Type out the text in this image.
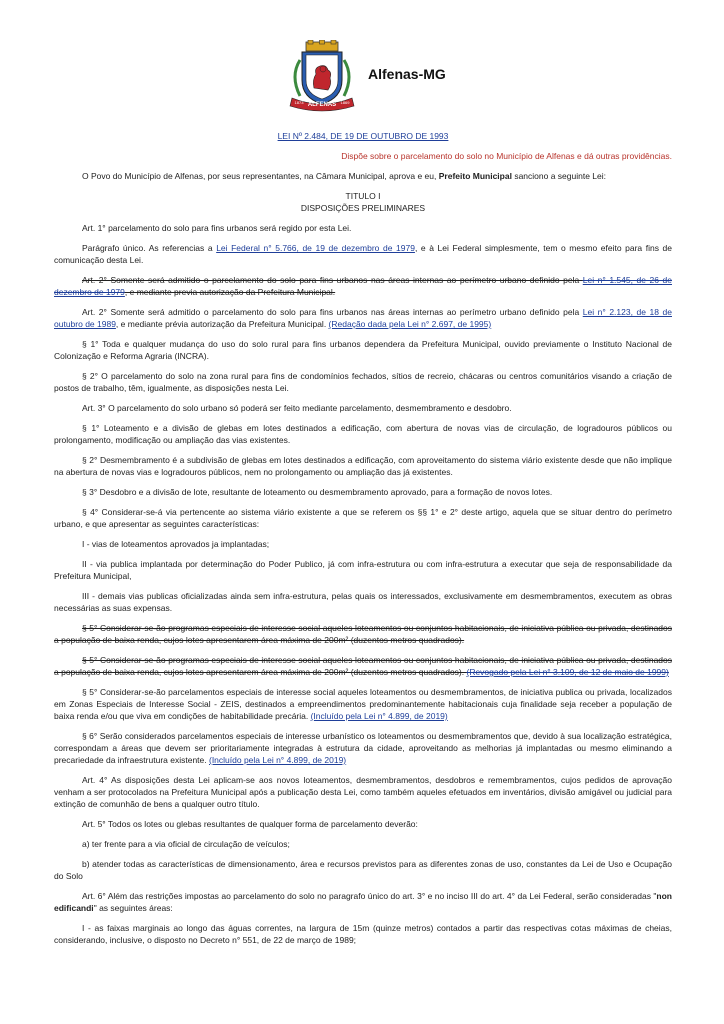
ALFENAS
1873	1869
Alfenas-MG

LEI Nº 2.484, DE 19 DE OUTUBRO DE 1993

Dispõe sobre o parcelamento do solo no Município de Alfenas e dá outras providências.

O Povo do Município de Alfenas, por seus representantes, na Câmara Municipal, aprova e eu, Prefeito Municipal sanciono a seguinte Lei:

TITULO I
DISPOSIÇÕES PRELIMINARES

Art. 1° parcelamento do solo para fins urbanos será regido por esta Lei.

Parágrafo único. As referencias a Lei Federal n° 5.766, de 19 de dezembro de 1979, e à Lei Federal simplesmente, tem o mesmo efeito para fins de comunicação desta Lei.

Art. 2° Somente será admitido o parcelamento do solo para fins urbanos nas áreas internas ao perímetro urbano definido pela Lei n° 1.545, de 26 de dezembro de 1979, e mediante previa autorização da Prefeitura Municipal.

Art. 2° Somente será admitido o parcelamento do solo para fins urbanos nas áreas internas ao perímetro urbano definido pela Lei n° 2.123, de 18 de outubro de 1989, e mediante prévia autorização da Prefeitura Municipal. (Redação dada pela Lei n° 2.697, de 1995)

§ 1° Toda e qualquer mudança do uso do solo rural para fins urbanos dependera da Prefeitura Municipal, ouvido previamente o Instituto Nacional de Colonização e Reforma Agraria (INCRA).

§ 2° O parcelamento do solo na zona rural para fins de condomínios fechados, sítios de recreio, chácaras ou centros comunitários visando a criação de postos de trabalho, têm, igualmente, as disposições nesta Lei.

Art. 3° O parcelamento do solo urbano só poderá ser feito mediante parcelamento, desmembramento e desdobro.

§ 1° Loteamento e a divisão de glebas em lotes destinados a edificação, com abertura de novas vias de circulação, de logradouros públicos ou prolongamento, modificação ou ampliação das vias existentes.

§ 2° Desmembramento é a subdivisão de glebas em lotes destinados a edificação, com aproveitamento do sistema viário existente desde que não implique na abertura de novas vias e logradouros públicos, nem no prolongamento ou ampliação das já existentes.

§ 3° Desdobro e a divisão de lote, resultante de loteamento ou desmembramento aprovado, para a formação de novos lotes.

§ 4° Considerar-se-á via pertencente ao sistema viário existente a que se referem os §§ 1° e 2° deste artigo, aquela que se situar dentro do perímetro urbano, e que apresentar as seguintes características:

I - vias de loteamentos aprovados ja implantadas;

II - via publica implantada por determinação do Poder Publico, já com infra-estrutura ou com infra-estrutura a executar que seja de responsabilidade da Prefeitura Municipal,

III - demais vias publicas oficializadas ainda sem infra-estrutura, pelas quais os interessados, exclusivamente em desmembramentos, executem as obras necessárias as suas expensas.

§ 5° Considerar-se-ão programas especiais de interesse social aqueles loteamentos ou conjuntos habitacionais, de iniciativa pública ou privada, destinados a população de baixa renda, cujos lotes apresentarem área máxima de 200m² (duzentos metros quadrados).

§ 5° Considerar-se-ão programas especiais de interesse social aqueles loteamentos ou conjuntos habitacionais, de iniciativa pública ou privada, destinados a população de baixa renda, cujos lotes apresentarem área máxima de 200m² (duzentos metros quadrados). (Revogado pela Lei n° 3.109, de 12 de maio de 1999)

§ 5° Considerar-se-ão parcelamentos especiais de interesse social aqueles loteamentos ou desmembramentos, de iniciativa publica ou privada, localizados em Zonas Especiais de Interesse Social - ZEIS, destinados a empreendimentos predominantemente habitacionais cuja finalidade seja receber a população de baixa renda e/ou que viva em condições de habitabilidade precária. (Incluído pela Lei n° 4.899, de 2019)

§ 6° Serão considerados parcelamentos especiais de interesse urbanístico os loteamentos ou desmembramentos que, devido à sua localização estratégica, correspondam a áreas que devem ser prioritariamente integradas à estrutura da cidade, aproveitando as melhorias já implantadas ou mesmo eliminando a precariedade da infraestrutura existente. (Incluído pela Lei n° 4.899, de 2019)

Art. 4° As disposições desta Lei aplicam-se aos novos loteamentos, desmembramentos, desdobros e remembramentos, cujos pedidos de aprovação venham a ser protocolados na Prefeitura Municipal após a publicação desta Lei, como também aqueles efetuados em inventários, divisão amigável ou judicial para extinção de comunhão de bens a qualquer outro título.

Art. 5° Todos os lotes ou glebas resultantes de qualquer forma de parcelamento deverão:

a) ter frente para a via oficial de circulação de veículos;

b) atender todas as características de dimensionamento, área e recursos previstos para as diferentes zonas de uso, constantes da Lei de Uso e Ocupação do Solo

Art. 6° Além das restrições impostas ao parcelamento do solo no paragrafo único do art. 3° e no inciso III do art. 4° da Lei Federal, serão consideradas "non edificandi" as seguintes áreas:

I - as faixas marginais ao longo das águas correntes, na largura de 15m (quinze metros) contados a partir das respectivas cotas máximas de cheias, considerando, inclusive, o disposto no Decreto n° 551, de 22 de março de 1989;
